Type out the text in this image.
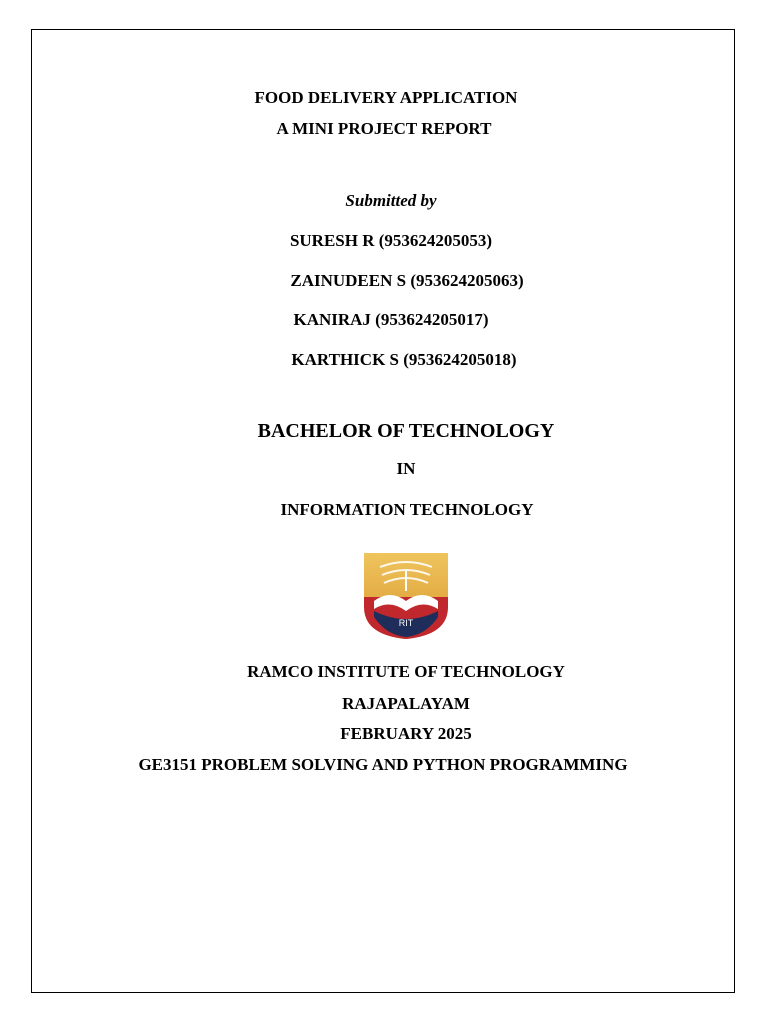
FOOD DELIVERY APPLICATION
A MINI PROJECT REPORT
Submitted by
SURESH R (953624205053)
ZAINUDEEN S (953624205063)
KANIRAJ (953624205017)
KARTHICK S (953624205018)
BACHELOR OF TECHNOLOGY
IN
INFORMATION TECHNOLOGY
RIT
RAMCO INSTITUTE OF TECHNOLOGY
RAJAPALAYAM
FEBRUARY 2025
GE3151 PROBLEM SOLVING AND PYTHON PROGRAMMING
